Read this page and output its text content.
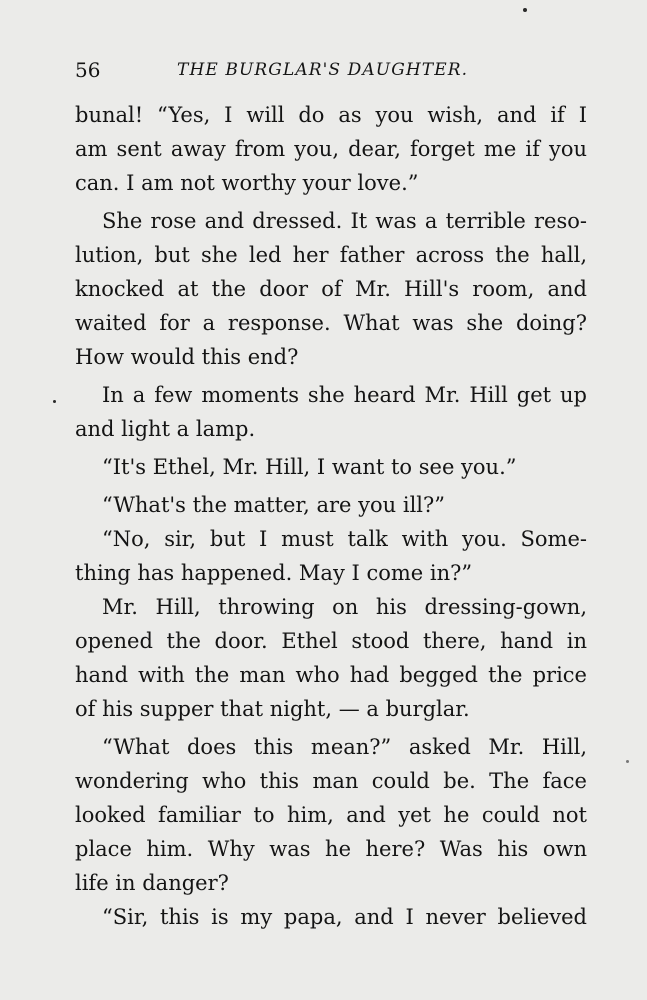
56	THE BURGLAR'S DAUGHTER.
bunal! “Yes, I will do as you wish, and if I
am sent away from you, dear, forget me if you
can. I am not worthy your love.”
She rose and dressed. It was a terrible reso-
lution, but she led her father across the hall,
knocked at the door of Mr. Hill's room, and
waited for a response. What was she doing?
How would this end?
In a few moments she heard Mr. Hill get up
and light a lamp.
“It's Ethel, Mr. Hill, I want to see you.”
“What's the matter, are you ill?”
“No, sir, but I must talk with you. Some-
thing has happened. May I come in?”
Mr. Hill, throwing on his dressing-gown,
opened the door. Ethel stood there, hand in
hand with the man who had begged the price
of his supper that night, — a burglar.
“What does this mean?” asked Mr. Hill,
wondering who this man could be. The face
looked familiar to him, and yet he could not
place him. Why was he here? Was his own
life in danger?
“Sir, this is my papa, and I never believed
